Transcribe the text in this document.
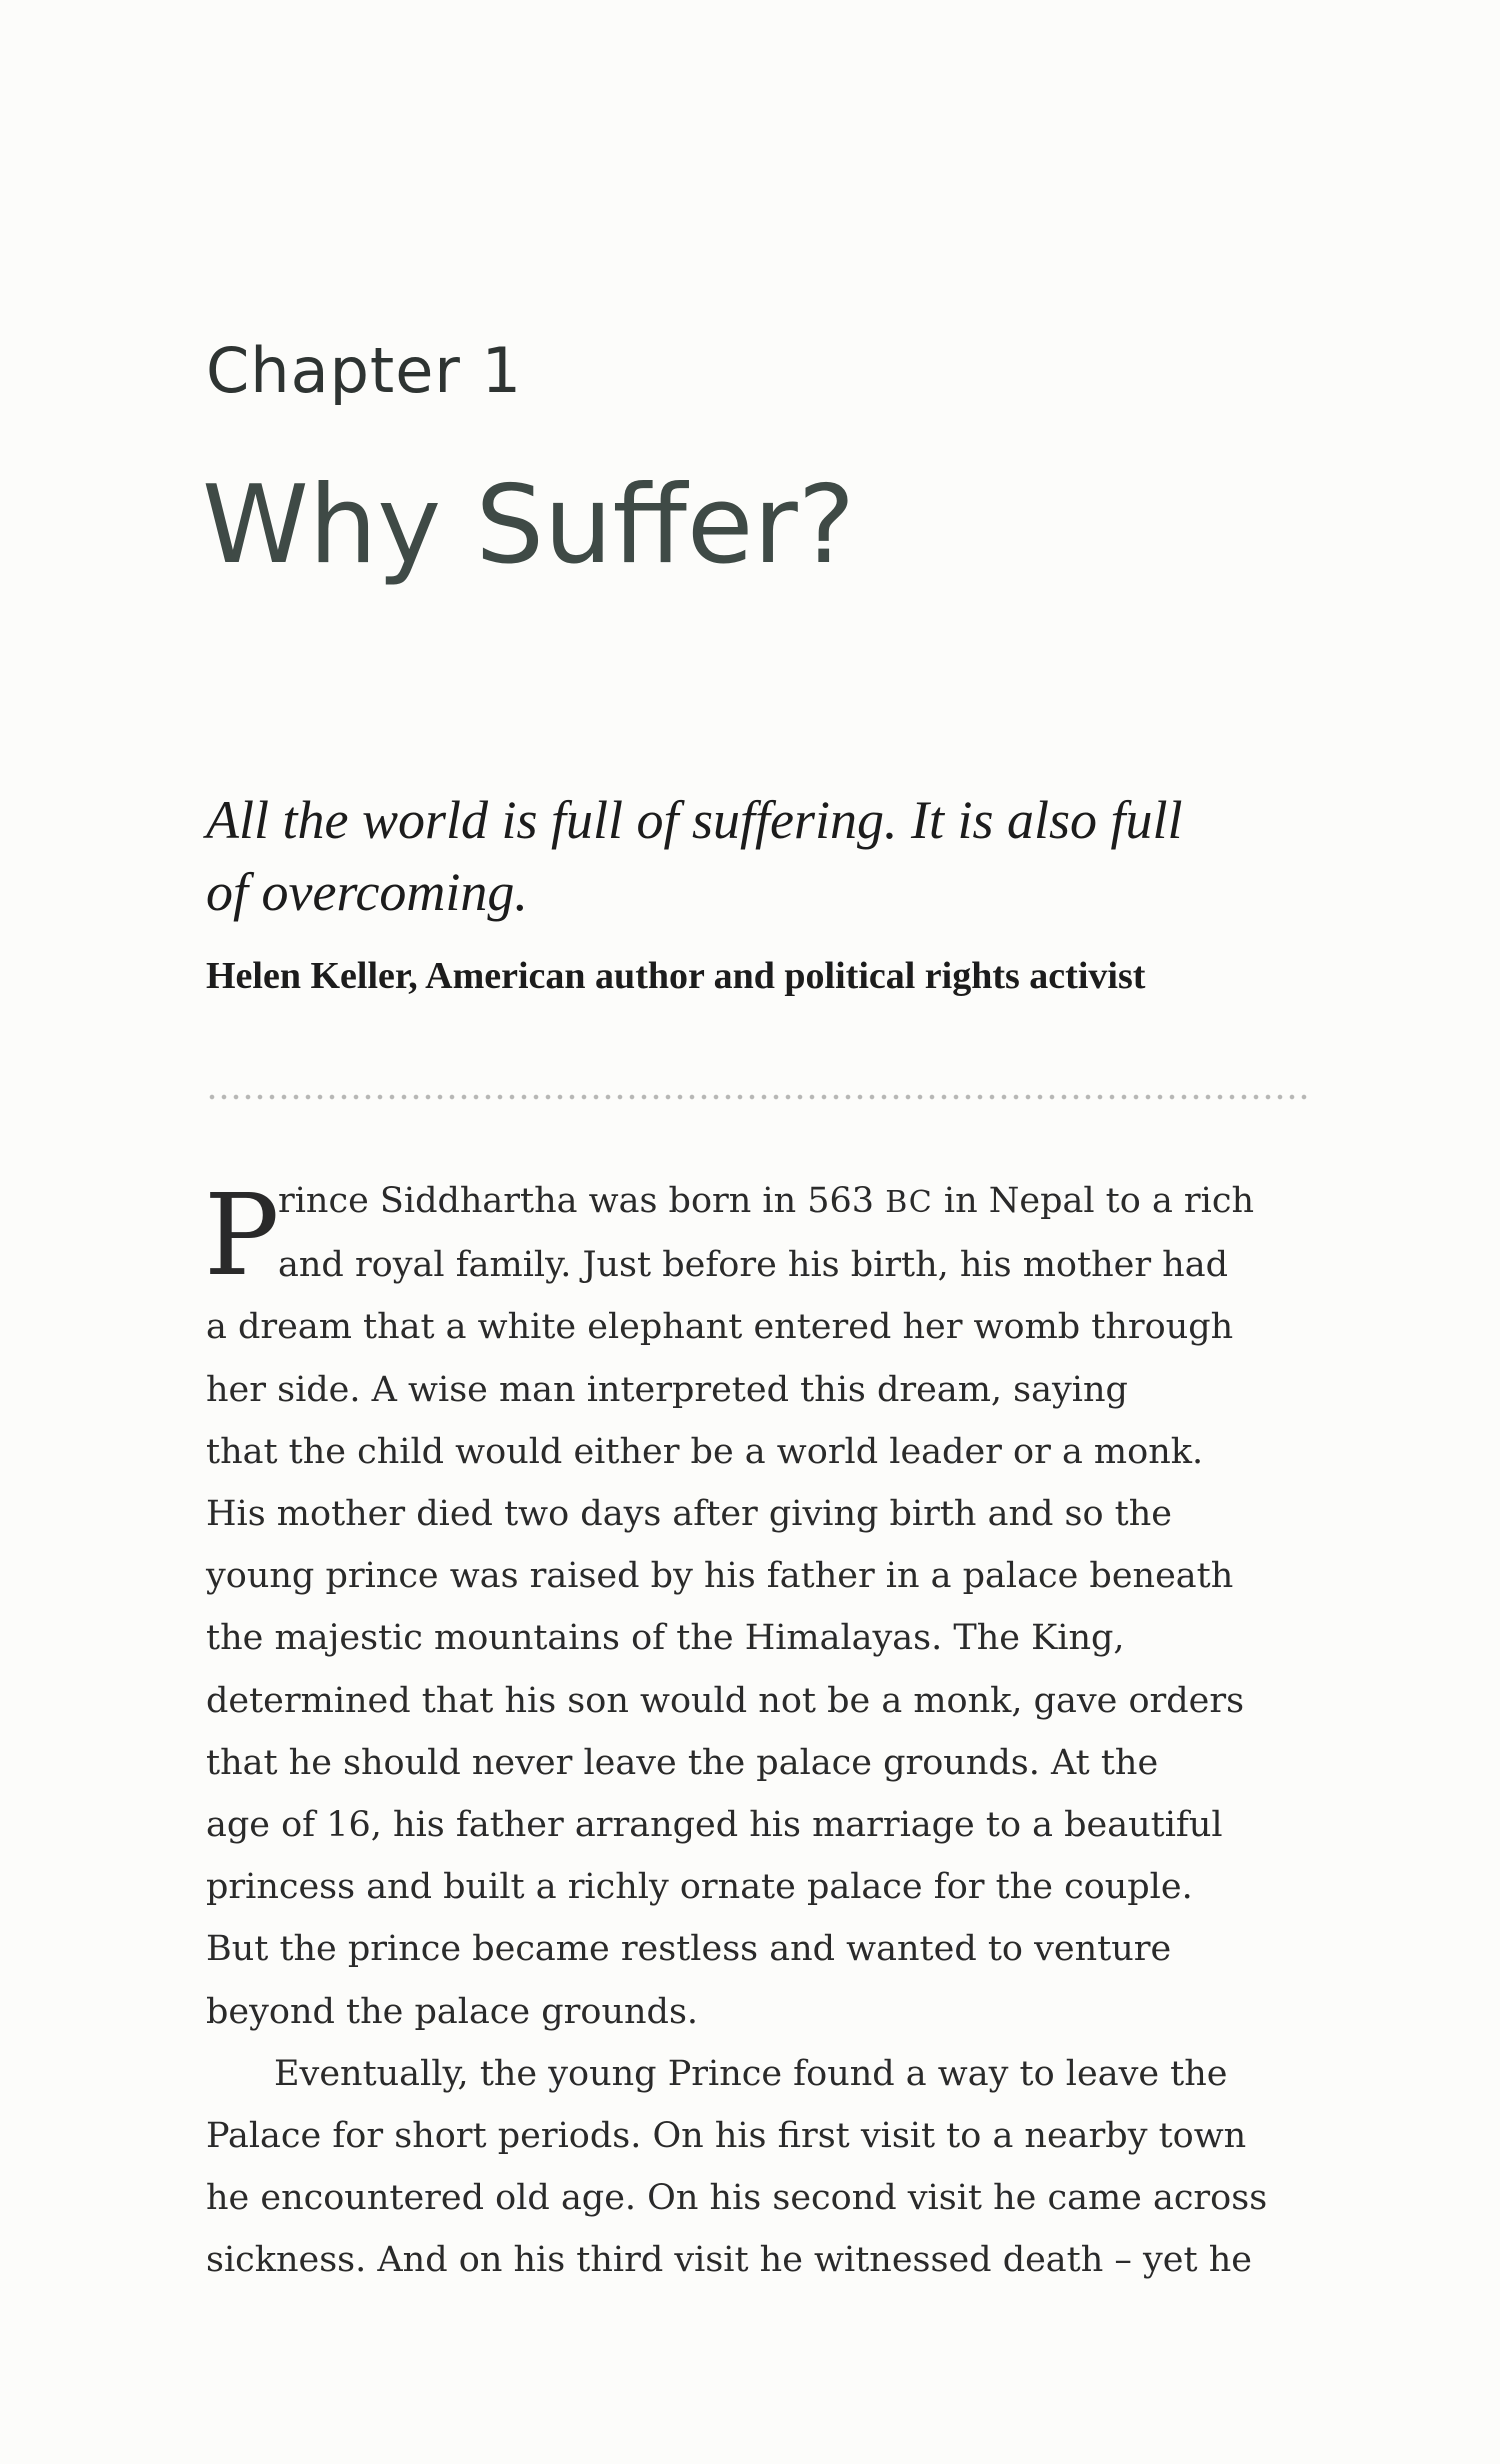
Chapter 1
Why Suffer?

All the world is full of suffering. It is also full
of overcoming.

Helen Keller, American author and political rights activist

P
rince Siddhartha was born in 563 BC in Nepal to a rich
and royal family. Just before his birth, his mother had
a dream that a white elephant entered her womb through
her side. A wise man interpreted this dream, saying
that the child would either be a world leader or a monk.
His mother died two days after giving birth and so the
young prince was raised by his father in a palace beneath
the majestic mountains of the Himalayas. The King,
determined that his son would not be a monk, gave orders
that he should never leave the palace grounds. At the
age of 16, his father arranged his marriage to a beautiful
princess and built a richly ornate palace for the couple.
But the prince became restless and wanted to venture
beyond the palace grounds.
Eventually, the young Prince found a way to leave the
Palace for short periods. On his first visit to a nearby town
he encountered old age. On his second visit he came across
sickness. And on his third visit he witnessed death – yet he
